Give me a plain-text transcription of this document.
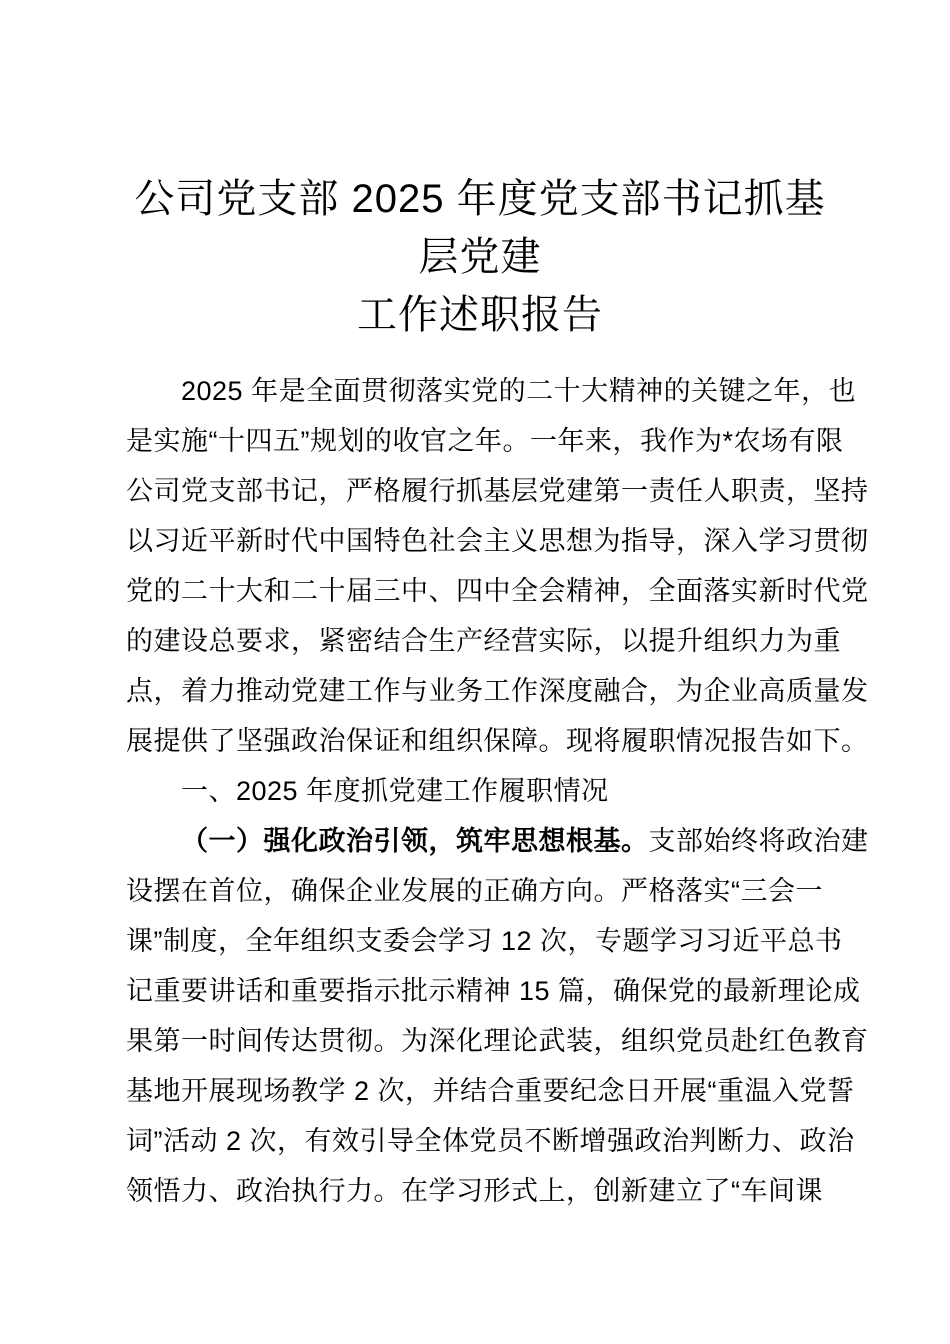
公司党支部 2025 年度党支部书记抓基层党建
工作述职报告
2025 年是全面贯彻落实党的二十大精神的关键之年，也
是实施“十四五”规划的收官之年。一年来，我作为*农场有限
公司党支部书记，严格履行抓基层党建第一责任人职责，坚持
以习近平新时代中国特色社会主义思想为指导，深入学习贯彻
党的二十大和二十届三中、四中全会精神，全面落实新时代党
的建设总要求，紧密结合生产经营实际，以提升组织力为重
点，着力推动党建工作与业务工作深度融合，为企业高质量发
展提供了坚强政治保证和组织保障。现将履职情况报告如下。
一、2025 年度抓党建工作履职情况
（一）强化政治引领，筑牢思想根基。支部始终将政治建
设摆在首位，确保企业发展的正确方向。严格落实“三会一
课”制度，全年组织支委会学习 12 次，专题学习习近平总书
记重要讲话和重要指示批示精神 15 篇，确保党的最新理论成
果第一时间传达贯彻。为深化理论武装，组织党员赴红色教育
基地开展现场教学 2 次，并结合重要纪念日开展“重温入党誓
词”活动 2 次，有效引导全体党员不断增强政治判断力、政治
领悟力、政治执行力。在学习形式上，创新建立了“车间课
